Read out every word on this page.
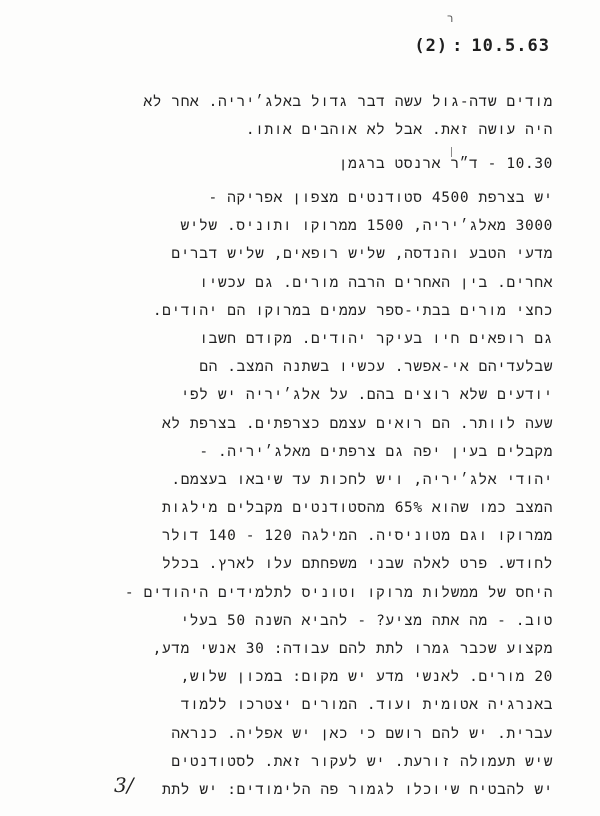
ר
(2) : 10.5.63
מודים שדה-גול עשה דבר גדול באלג׳יריה. אחר לא
היה עושה זאת. אבל לא אוהבים אותו.
10.30 - ד״ר ארנסט ברגמן
יש בצרפת 4500 סטודנטים מצפון אפריקה -
3000 מאלג׳יריה, 1500 ממרוקו ותוניס. שליש
מדעי הטבע והנדסה, שליש רופאים, שליש דברים
אחרים. בין האחרים הרבה מורים. גם עכשיו
כחצי מורים בבתי-ספר עממים במרוקו הם יהודים.
גם רופאים חיו בעיקר יהודים. מקודם חשבו
שבלעדיהם אי-אפשר. עכשיו בשתנה המצב. הם
יודעים שלא רוצים בהם. על אלג׳יריה יש לפי
שעה לוותר. הם רואים עצמם כצרפתים. בצרפת לא
מקבלים בעין יפה גם צרפתים מאלג׳יריה. -
יהודי אלג׳יריה, ויש לחכות עד שיבאו בעצמם.
המצב כמו שהוא 65% מהסטודנטים מקבלים מילגות
ממרוקו וגם מטוניסיה. המילגה 120 - 140 דולר
לחודש. פרט לאלה שבני משפחתם עלו לארץ. בכלל
היחס של ממשלות מרוקו וטוניס לתלמידים היהודים -
טוב. - מה אתה מציע? - להביא השנה 50 בעלי
מקצוע שכבר גמרו לתת להם עבודה: 30 אנשי מדע,
20 מורים. לאנשי מדע יש מקום: במכון שלוש,
באנרגיה אטומית ועוד. המורים יצטרכו ללמוד
עברית. יש להם רושם כי כאן יש אפליה. כנראה
שיש תעמולה זורעת. יש לעקור זאת. לסטודנטים
יש להבטיח שיוכלו לגמור פה הלימודים: יש לתת
3/
